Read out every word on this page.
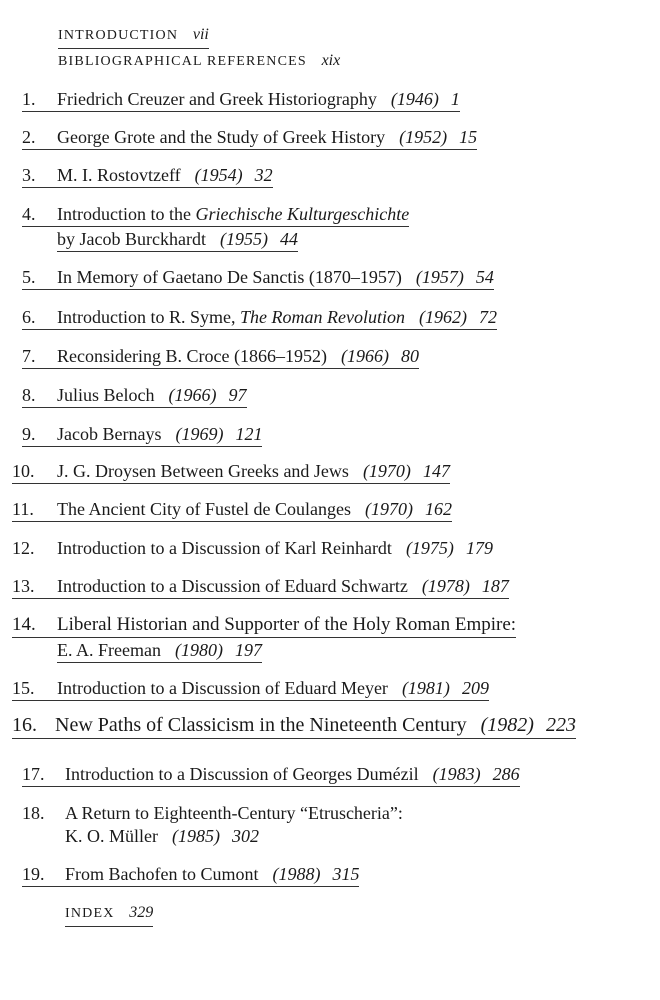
INTRODUCTION vii
BIBLIOGRAPHICAL REFERENCES xix
1. Friedrich Creuzer and Greek Historiography (1946) 1
2. George Grote and the Study of Greek History (1952) 15
3. M. I. Rostovtzeff (1954) 32
4. Introduction to the Griechische Kulturgeschichte
by Jacob Burckhardt (1955) 44
5. In Memory of Gaetano De Sanctis (1870–1957) (1957) 54
6. Introduction to R. Syme, The Roman Revolution (1962) 72
7. Reconsidering B. Croce (1866–1952) (1966) 80
8. Julius Beloch (1966) 97
9. Jacob Bernays (1969) 121
10. J. G. Droysen Between Greeks and Jews (1970) 147
11. The Ancient City of Fustel de Coulanges (1970) 162
12. Introduction to a Discussion of Karl Reinhardt (1975) 179
13. Introduction to a Discussion of Eduard Schwartz (1978) 187
14. Liberal Historian and Supporter of the Holy Roman Empire:
E. A. Freeman (1980) 197
15. Introduction to a Discussion of Eduard Meyer (1981) 209
16. New Paths of Classicism in the Nineteenth Century (1982) 223
17. Introduction to a Discussion of Georges Dumézil (1983) 286
18. A Return to Eighteenth-Century “Etruscheria”:
K. O. Müller (1985) 302
19. From Bachofen to Cumont (1988) 315
INDEX 329
